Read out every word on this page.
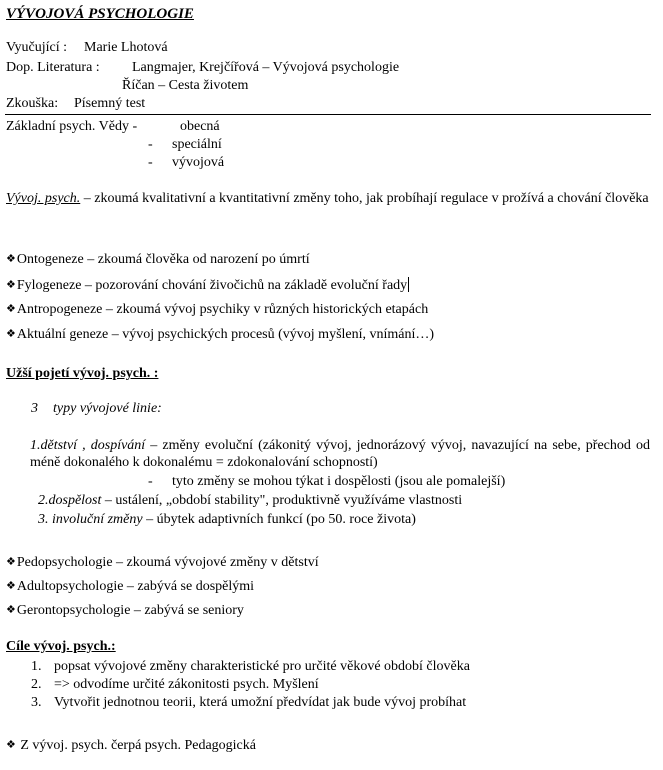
VÝVOJOVÁ PSYCHOLOGIE
Vyučující : Marie Lhotová
Dop. Literatura : Langmajer, Krejčířová – Vývojová psychologie
Říčan – Cesta životem
Zkouška: Písemný test
Základní psych. Vědy -	obecná
- speciální
- vývojová
Vývoj. psych. – zkoumá kvalitativní a kvantitativní změny toho, jak probíhají regulace v prožívá a chování člověka
❖Ontogeneze – zkoumá člověka od narození po úmrtí
❖Fylogeneze – pozorování chování živočichů na základě evoluční řady
❖Antropogeneze – zkoumá vývoj psychiky v různých historických etapách
❖Aktuální geneze – vývoj psychických procesů (vývoj myšlení, vnímání…)
Užší pojetí vývoj. psych. :
3 typy vývojové linie:
1.dětství , dospívání – změny evoluční (zákonitý vývoj, jednorázový vývoj, navazující na sebe, přechod od méně dokonalého k dokonalému = zdokonalování schopností)
- tyto změny se mohou týkat i dospělosti (jsou ale pomalejší)
2.dospělost – ustálení, „období stability", produktivně využíváme vlastnosti
3. involuční změny – úbytek adaptivních funkcí (po 50. roce života)
❖Pedopsychologie – zkoumá vývojové změny v dětství
❖Adultopsychologie – zabývá se dospělými
❖Gerontopsychologie – zabývá se seniory
Cíle vývoj. psych.:
1. popsat vývojové změny charakteristické pro určité věkové období člověka
2. => odvodíme určité zákonitosti psych. Myšlení
3. Vytvořit jednotnou teorii, která umožní předvídat jak bude vývoj probíhat
❖ Z vývoj. psych. čerpá psych. Pedagogická
